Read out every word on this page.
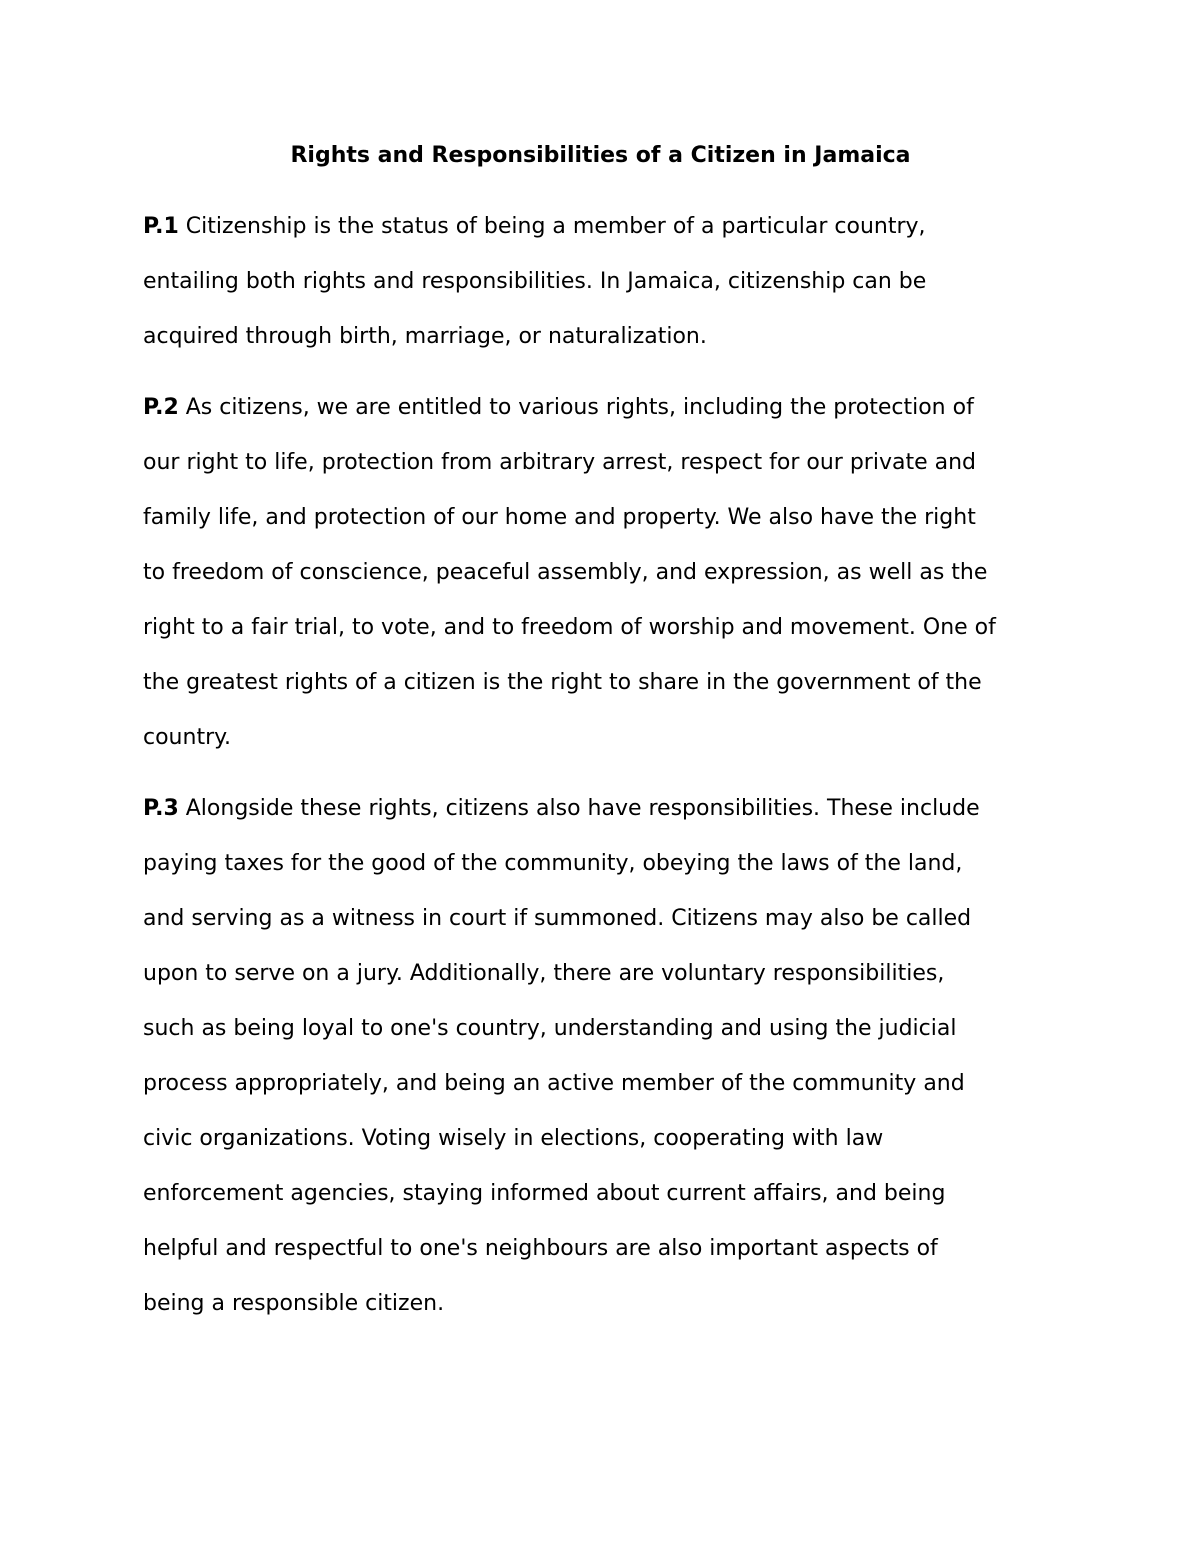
Rights and Responsibilities of a Citizen in Jamaica

P.1 Citizenship is the status of being a member of a particular country,
entailing both rights and responsibilities. In Jamaica, citizenship can be
acquired through birth, marriage, or naturalization.

P.2 As citizens, we are entitled to various rights, including the protection of
our right to life, protection from arbitrary arrest, respect for our private and
family life, and protection of our home and property. We also have the right
to freedom of conscience, peaceful assembly, and expression, as well as the
right to a fair trial, to vote, and to freedom of worship and movement. One of
the greatest rights of a citizen is the right to share in the government of the
country.

P.3 Alongside these rights, citizens also have responsibilities. These include
paying taxes for the good of the community, obeying the laws of the land,
and serving as a witness in court if summoned. Citizens may also be called
upon to serve on a jury. Additionally, there are voluntary responsibilities,
such as being loyal to one's country, understanding and using the judicial
process appropriately, and being an active member of the community and
civic organizations. Voting wisely in elections, cooperating with law
enforcement agencies, staying informed about current affairs, and being
helpful and respectful to one's neighbours are also important aspects of
being a responsible citizen.
